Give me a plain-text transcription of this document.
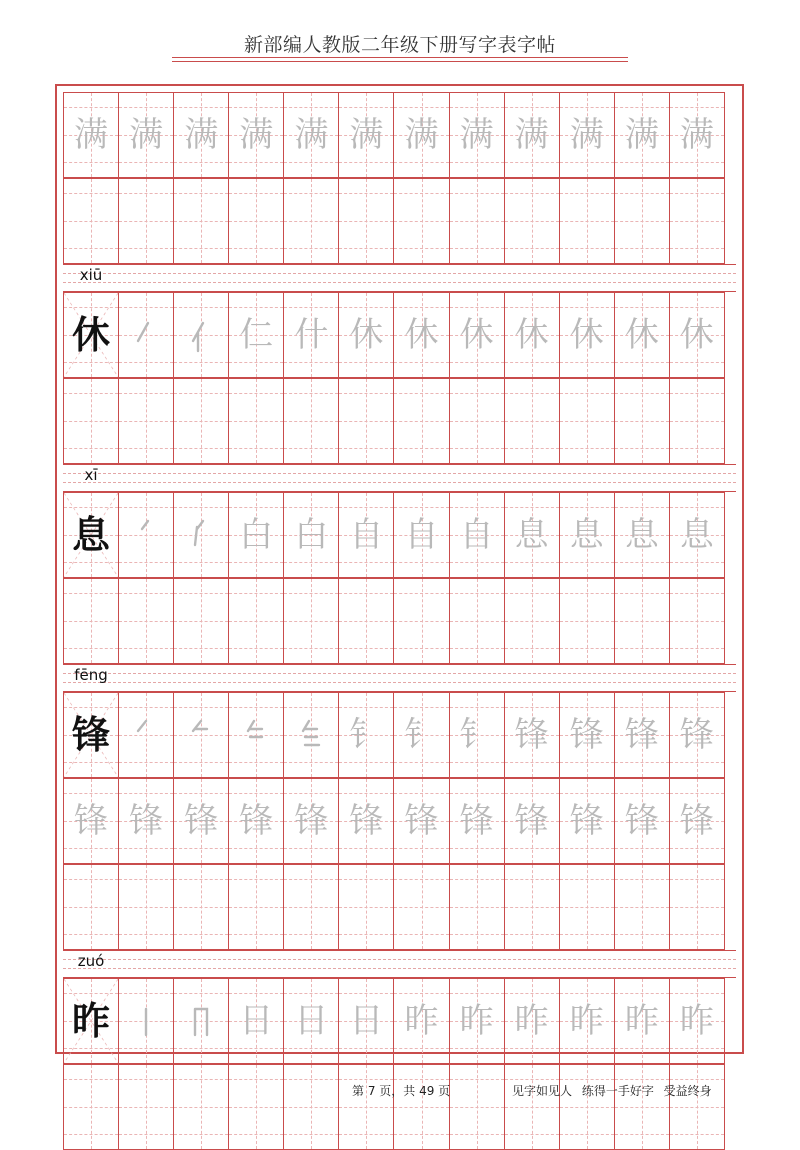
新部编人教版二年级下册写字表字帖
满 满 满 满 满 满 满 满 满 满 满 满
xiū
休	仁 什 休 休 休 休 休 休 休
xī
息	白 白 自 自 自 息 息 息 息
fēng
锋	钅 钅 钅 锋 锋 锋 锋
锋 锋 锋 锋 锋 锋 锋 锋 锋 锋 锋 锋
zuó
昨	日 日 日 昨 昨 昨 昨 昨 昨
第 7 页，共 49 页	见字如见人 练得一手好字 受益终身
